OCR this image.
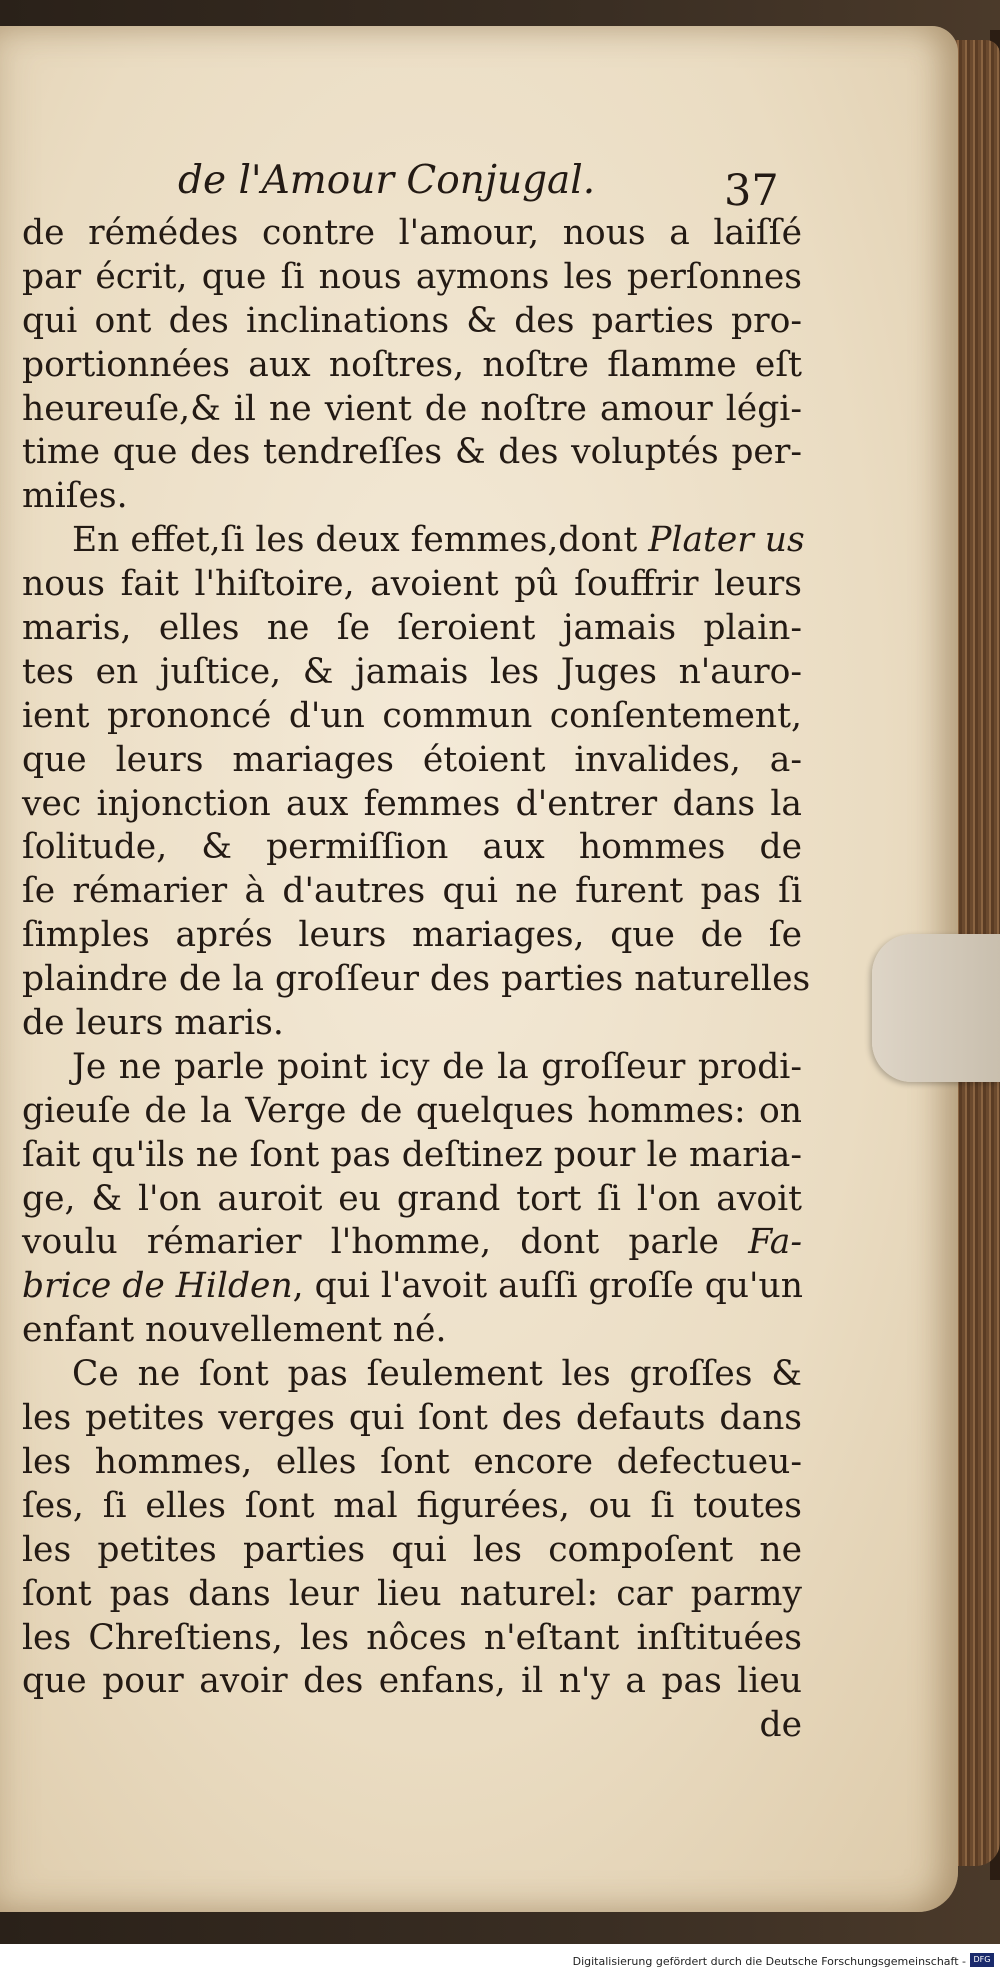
de l'Amour Conjugal.	37
de rémédes contre l'amour, nous a laiſſé
par écrit, que ſi nous aymons les perſonnes
qui ont des inclinations & des parties pro-
portionnées aux noſtres, noſtre flamme eſt
heureuſe,& il ne vient de noſtre amour légi-
time que des tendreſſes & des voluptés per-
miſes.
En effet,ſi les deux femmes,dont Plater us
nous fait l'hiſtoire, avoient pû ſouffrir leurs
maris, elles ne ſe ſeroient jamais plain-
tes en juſtice, & jamais les Juges n'auro-
ient prononcé d'un commun conſentement,
que leurs mariages étoient invalides, a-
vec injonction aux femmes d'entrer dans la
ſolitude, & permiſſion aux hommes de
ſe rémarier à d'autres qui ne furent pas ſi
ſimples aprés leurs mariages, que de ſe
plaindre de la groſſeur des parties naturelles
de leurs maris.
Je ne parle point icy de la groſſeur prodi-
gieuſe de la Verge de quelques hommes: on
ſait qu'ils ne ſont pas deſtinez pour le maria-
ge, & l'on auroit eu grand tort ſi l'on avoit
voulu rémarier l'homme, dont parle Fa-
brice de Hilden, qui l'avoit auſſi groſſe qu'un
enfant nouvellement né.
Ce ne ſont pas ſeulement les groſſes &
les petites verges qui ſont des defauts dans
les hommes, elles ſont encore defectueu-
ſes, ſi elles ſont mal figurées, ou ſi toutes
les petites parties qui les compoſent ne
ſont pas dans leur lieu naturel: car parmy
les Chreſtiens, les nôces n'eſtant inſtituées
que pour avoir des enfans, il n'y a pas lieu
de
Digitalisierung gefördert durch die Deutsche Forschungsgemeinschaft - DFG
